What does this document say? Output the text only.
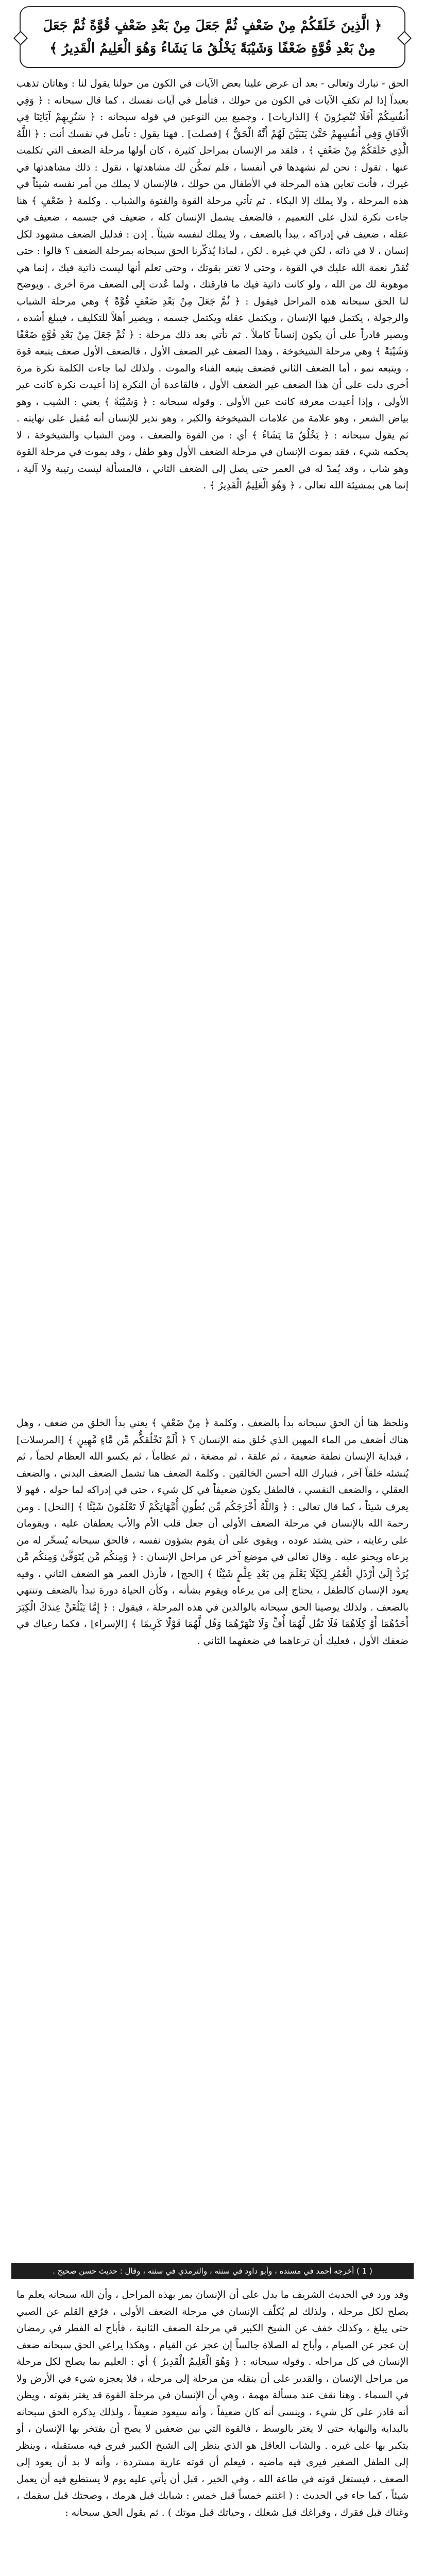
﴿ الَّذِينَ خَلَقَكُمْ مِنْ ضَعْفٍ ثُمَّ جَعَلَ مِنْ بَعْدِ ضَعْفٍ قُوَّةً ثُمَّ جَعَلَ مِنْ بَعْدِ قُوَّةٍ ضَعْفًا وَشَيْبَةً يَخْلُقُ مَا يَشَاءُ وَهُوَ الْعَلِيمُ الْقَدِيرُ ﴾

الحق - تبارك وتعالى - بعد أن عرض علينا بعض الآيات في الكون من حولنا يقول لنا : وهاتان تذهب بعيداً إذا لم تكفِ الآيات في الكون من حولك ، فتأمل في آيات نفسك ، كما قال سبحانه : ﴿ وَفِي أَنفُسِكُمْ أَفَلَا تُبْصِرُونَ ﴾ [الذاريات] ، وجميع بين النوعين في قوله سبحانه : ﴿ سَنُرِيهِمْ آيَاتِنَا فِي الْآفَاقِ وَفِي أَنفُسِهِمْ حَتَّىٰ يَتَبَيَّنَ لَهُمْ أَنَّهُ الْحَقُّ ﴾ [فصلت] . فهنا يقول : تأمل في نفسك أنت : ﴿ اللَّهُ الَّذِي خَلَقَكُمْ مِنْ ضَعْفٍ ﴾ ، فلقد مر الإنسان بمراحل كثيرة ، كان أولها مرحلة الضعف التي تكلمت عنها . تقول : نحن لم نشهدها في أنفسنا ، فلم تمكَّن لك مشاهدتها ، نقول : ذلك مشاهدتها في غيرك ، فأنت تعاين هذه المرحلة في الأطفال من حولك ، فالإنسان لا يملك من أمر نفسه شيئاً في هذه المرحلة ، ولا يملك إلا البكاء . ثم تأتي مرحلة القوة والفتوة والشباب . وكلمة ﴿ ضَعْفٍ ﴾ هنا جاءت نكرة لتدل على التعميم ، فالضعف يشمل الإنسان كله ، ضعيف في جسمه ، ضعيف في عقله ، ضعيف في إدراكه ، يبدأ بالضعف ، ولا يملك لنفسه شيئاً . إذن : فدليل الضعف مشهود لكل إنسان ، لا في ذاته ، لكن في غيره . لكن ، لماذا يُذكّرنا الحق سبحانه بمرحلة الضعف ؟ قالوا : حتى تُقدّر نعمة الله عليك في القوة ، وحتى لا تغتر بقوتك ، وحتى تعلم أنها ليست ذاتية فيك ، إنما هي موهوبة لك من الله ، ولو كانت ذاتية فيك ما فارقتك ، ولما عُدت إلى الضعف مرة أخرى . ويوضح لنا الحق سبحانه هذه المراحل فيقول : ﴿ ثُمَّ جَعَلَ مِنْ بَعْدِ ضَعْفٍ قُوَّةً ﴾ وهي مرحلة الشباب والرجولة ، يكتمل فيها الإنسان ، ويكتمل عقله ويكتمل جسمه ، ويصير أهلاً للتكليف ، فيبلغ أشده ، ويصير قادراً على أن يكون إنساناً كاملاً . ثم تأتي بعد ذلك مرحلة : ﴿ ثُمَّ جَعَلَ مِنْ بَعْدِ قُوَّةٍ ضَعْفًا وَشَيْبَةً ﴾ وهي مرحلة الشيخوخة ، وهذا الضعف غير الضعف الأول ، فالضعف الأول ضعف يتبعه قوة ، ويتبعه نمو ، أما الضعف الثاني فضعف يتبعه الفناء والموت . ولذلك لما جاءت الكلمة نكرة مرة أخرى دلت على أن هذا الضعف غير الضعف الأول ، فالقاعدة أن النكرة إذا أعيدت نكرة كانت غير الأولى ، وإذا أعيدت معرفة كانت عين الأولى . وقوله سبحانه : ﴿ وَشَيْبَةً ﴾ يعني : الشيب ، وهو بياض الشعر ، وهو علامة من علامات الشيخوخة والكبر ، وهو نذير للإنسان أنه مُقبل على نهايته . ثم يقول سبحانه : ﴿ يَخْلُقُ مَا يَشَاءُ ﴾ أي : من القوة والضعف ، ومن الشباب والشيخوخة ، لا يحكمه شيء ، فقد يموت الإنسان في مرحلة الضعف الأول وهو طفل ، وقد يموت في مرحلة القوة وهو شاب ، وقد يُمدّ له في العمر حتى يصل إلى الضعف الثاني ، فالمسألة ليست رتيبة ولا آلية ، إنما هي بمشيئة الله تعالى ، ﴿ وَهُوَ الْعَلِيمُ الْقَدِيرُ ﴾ .

ونلحظ هنا أن الحق سبحانه بدأ بالضعف ، وكلمة ﴿ مِنْ ضَعْفٍ ﴾ يعني بدأ الخلق من ضعف ، وهل هناك أضعف من الماء المهين الذي خُلق منه الإنسان ؟ ﴿ أَلَمْ نَخْلُقكُّم مِّن مَّاءٍ مَّهِينٍ ﴾ [المرسلات] ، فبداية الإنسان نطفة ضعيفة ، ثم علقة ، ثم مضغة ، ثم عظاماً ، ثم يكسو الله العظام لحماً ، ثم يُنشئه خلقاً آخر ، فتبارك الله أحسن الخالقين . وكلمة الضعف هنا تشمل الضعف البدني ، والضعف العقلي ، والضعف النفسي ، فالطفل يكون ضعيفاً في كل شيء ، حتى في إدراكه لما حوله ، فهو لا يعرف شيئاً ، كما قال تعالى : ﴿ وَاللَّهُ أَخْرَجَكُم مِّن بُطُونِ أُمَّهَاتِكُمْ لَا تَعْلَمُونَ شَيْئًا ﴾ [النحل] . ومن رحمة الله بالإنسان في مرحلة الضعف الأولى أن جعل قلب الأم والأب يعطفان عليه ، ويقومان على رعايته ، حتى يشتد عوده ، ويقوى على أن يقوم بشؤون نفسه ، فالحق سبحانه يُسخّر له من يرعاه ويحنو عليه . وقال تعالى في موضع آخر عن مراحل الإنسان : ﴿ وَمِنكُم مَّن يُتَوَفَّىٰ وَمِنكُم مَّن يُرَدُّ إِلَىٰ أَرْذَلِ الْعُمُرِ لِكَيْلَا يَعْلَمَ مِن بَعْدِ عِلْمٍ شَيْئًا ﴾ [الحج] ، فأرذل العمر هو الضعف الثاني ، وفيه يعود الإنسان كالطفل ، يحتاج إلى من يرعاه ويقوم بشأنه ، وكأن الحياة دورة تبدأ بالضعف وتنتهي بالضعف . ولذلك يوصينا الحق سبحانه بالوالدين في هذه المرحلة ، فيقول : ﴿ إِمَّا يَبْلُغَنَّ عِندَكَ الْكِبَرَ أَحَدُهُمَا أَوْ كِلَاهُمَا فَلَا تَقُل لَّهُمَا أُفٍّ وَلَا تَنْهَرْهُمَا وَقُل لَّهُمَا قَوْلًا كَرِيمًا ﴾ [الإسراء] ، فكما رعياك في ضعفك الأول ، فعليك أن ترعاهما في ضعفهما الثاني .

( 1 ) أخرجه أحمد في مسنده ، وأبو داود في سننه ، والترمذي في سننه ، وقال : حديث حسن صحيح .

وقد ورد في الحديث الشريف ما يدل على أن الإنسان يمر بهذه المراحل ، وأن الله سبحانه يعلم ما يصلح لكل مرحلة ، ولذلك لم يُكلّف الإنسان في مرحلة الضعف الأولى ، فرُفع القلم عن الصبي حتى يبلغ ، وكذلك خفف عن الشيخ الكبير في مرحلة الضعف الثانية ، فأباح له الفطر في رمضان إن عجز عن الصيام ، وأباح له الصلاة جالساً إن عجز عن القيام ، وهكذا يراعي الحق سبحانه ضعف الإنسان في كل مراحله . وقوله سبحانه : ﴿ وَهُوَ الْعَلِيمُ الْقَدِيرُ ﴾ أي : العليم بما يصلح لكل مرحلة من مراحل الإنسان ، والقدير على أن ينقله من مرحلة إلى مرحلة ، فلا يعجزه شيء في الأرض ولا في السماء . وهنا نقف عند مسألة مهمة ، وهي أن الإنسان في مرحلة القوة قد يغتر بقوته ، ويظن أنه قادر على كل شيء ، وينسى أنه كان ضعيفاً ، وأنه سيعود ضعيفاً ، ولذلك يذكره الحق سبحانه بالبداية والنهاية حتى لا يغتر بالوسط ، فالقوة التي بين ضعفين لا يصح أن يفتخر بها الإنسان ، أو يتكبر بها على غيره . والشاب العاقل هو الذي ينظر إلى الشيخ الكبير فيرى فيه مستقبله ، وينظر إلى الطفل الصغير فيرى فيه ماضيه ، فيعلم أن قوته عارية مستردة ، وأنه لا بد أن يعود إلى الضعف ، فيستغل قوته في طاعة الله ، وفي الخير ، قبل أن يأتي عليه يوم لا يستطيع فيه أن يعمل شيئاً ، كما جاء في الحديث : ( اغتنم خمساً قبل خمس : شبابك قبل هرمك ، وصحتك قبل سقمك ، وغناك قبل فقرك ، وفراغك قبل شغلك ، وحياتك قبل موتك ) . ثم يقول الحق سبحانه :
